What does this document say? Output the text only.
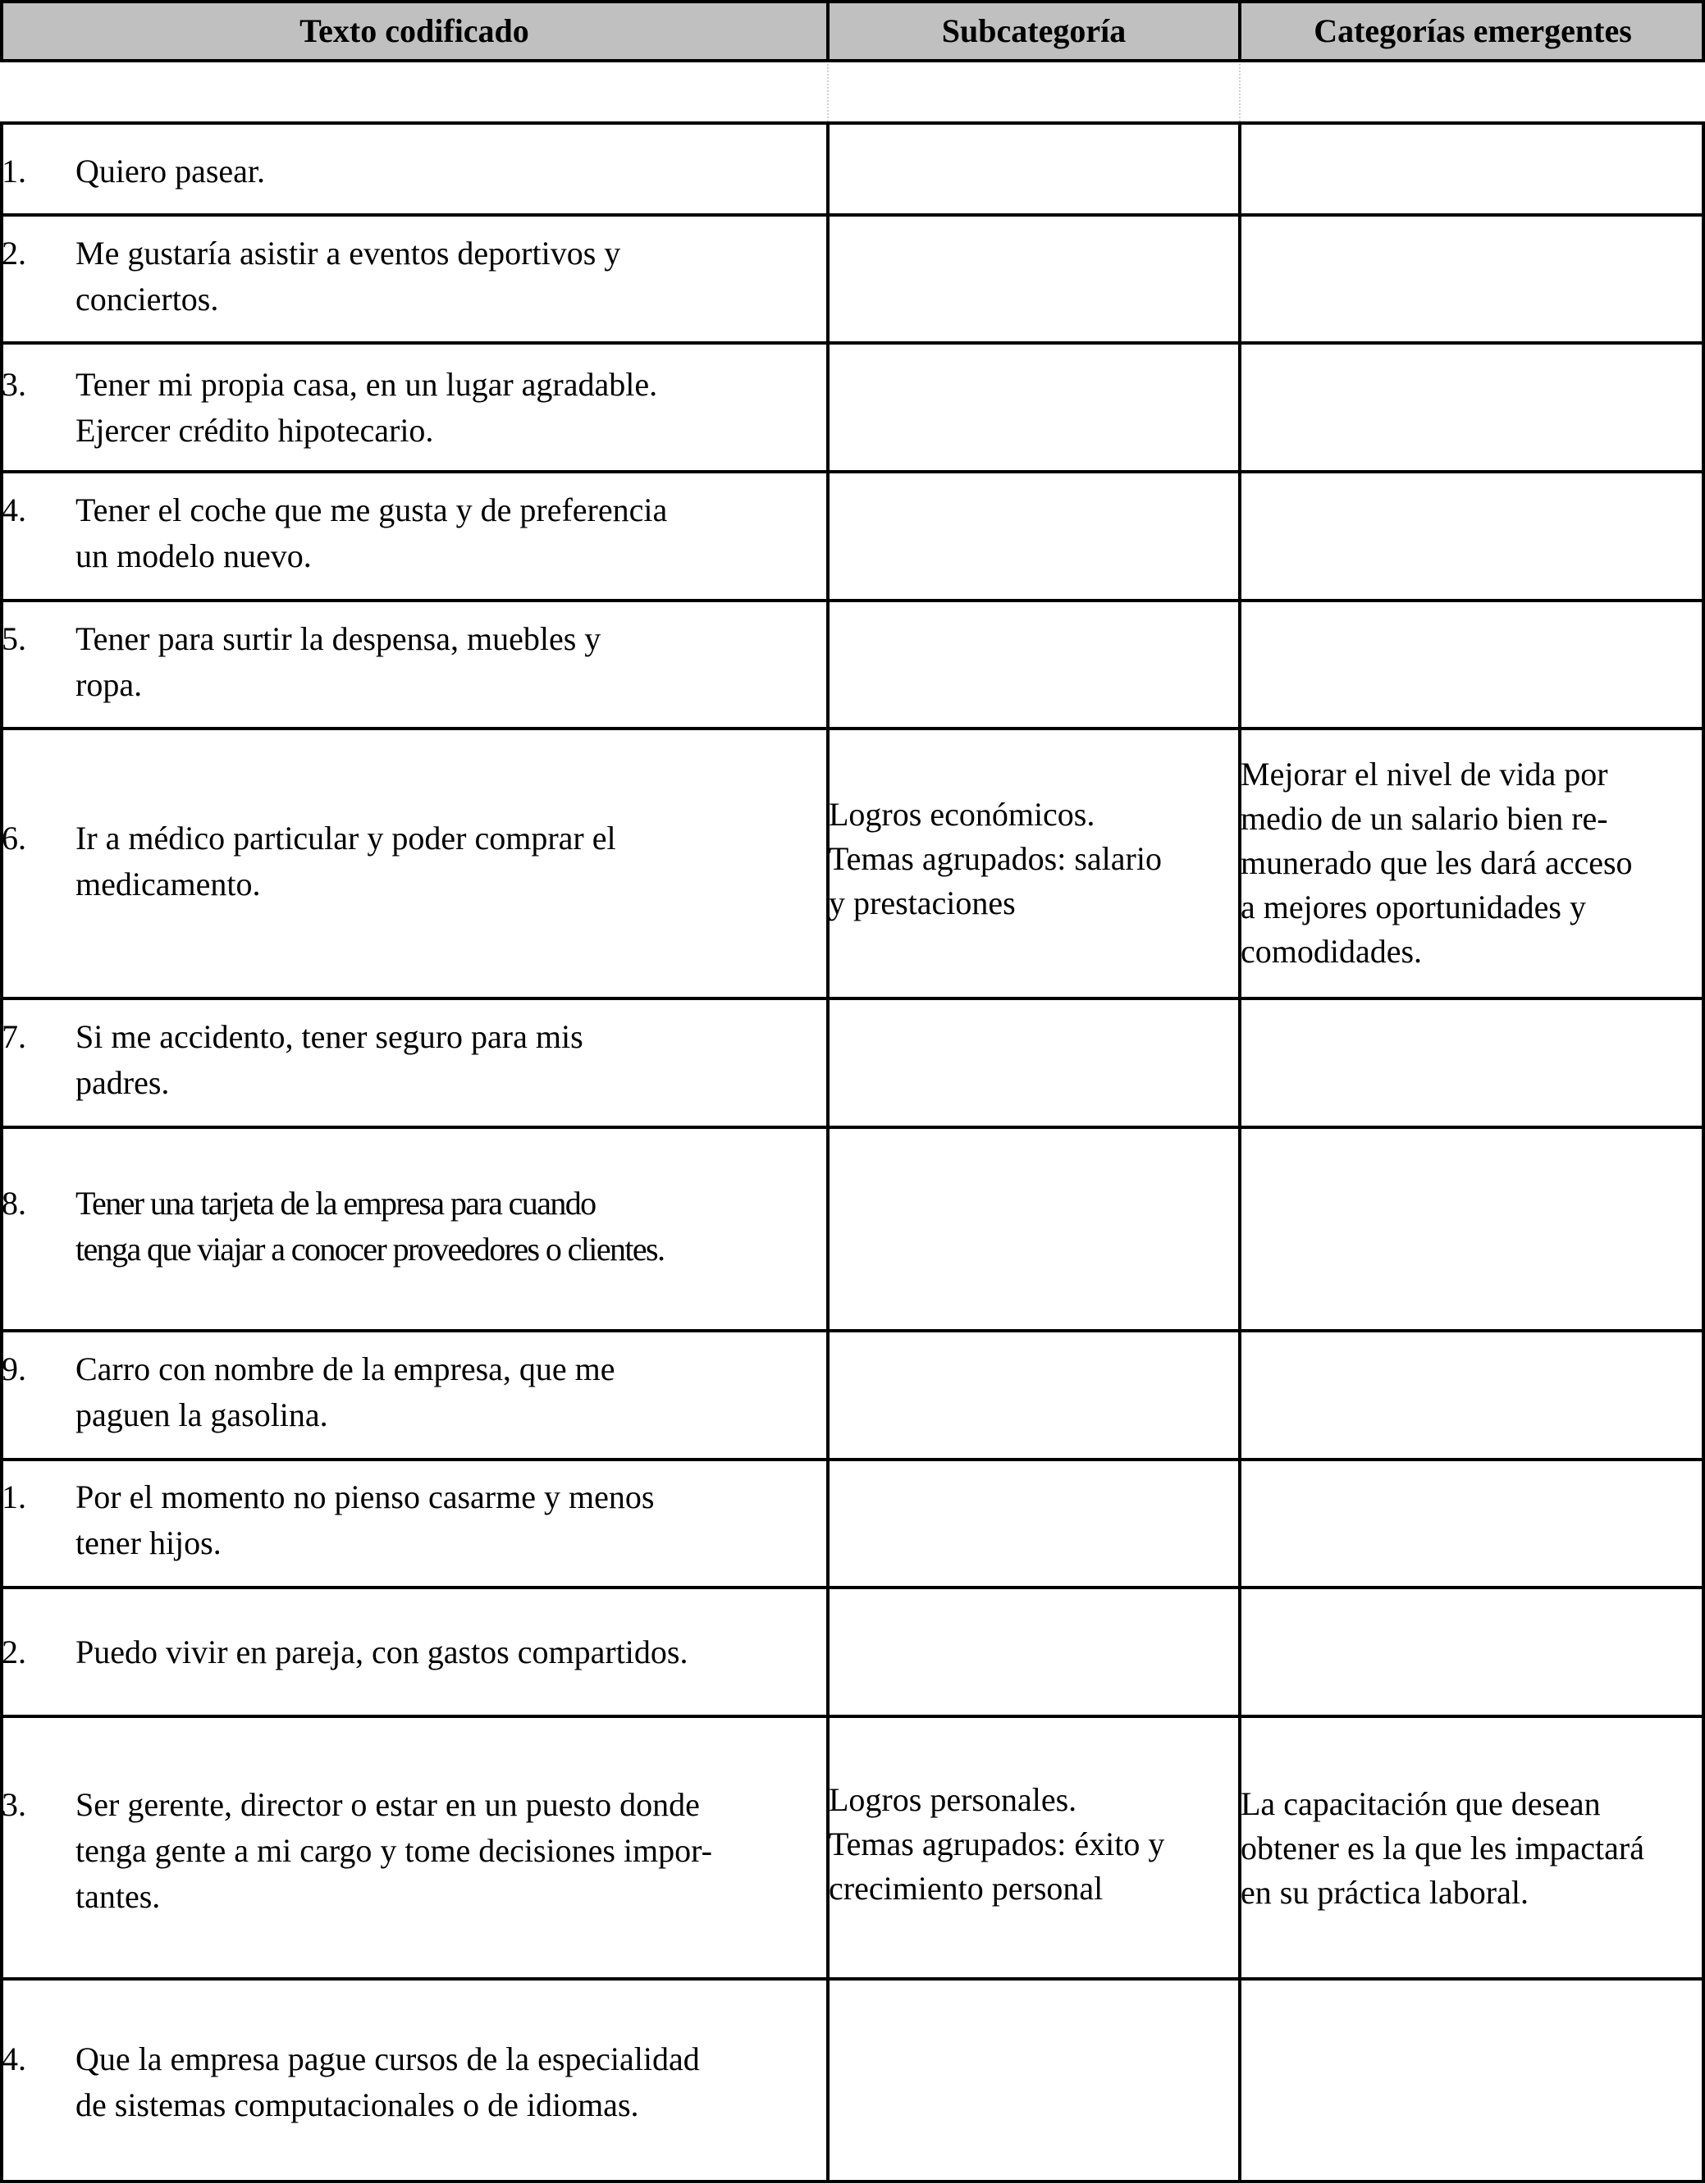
Texto codificado	Subcategoría	Categorías emergentes
1. Quiero pasear.
2. Me gustaría asistir a eventos deportivos y
conciertos.
3. Tener mi propia casa, en un lugar agradable.
Ejercer crédito hipotecario.
4. Tener el coche que me gusta y de preferencia
un modelo nuevo.
5. Tener para surtir la despensa, muebles y
ropa.
6. Ir a médico particular y poder comprar el
medicamento.
Logros económicos.
Temas agrupados: salario
y prestaciones
Mejorar el nivel de vida por
medio de un salario bien re-
munerado que les dará acceso
a mejores oportunidades y
comodidades.
7. Si me accidento, tener seguro para mis
padres.
8. Tener una tarjeta de la empresa para cuando
tenga que viajar a conocer proveedores o clientes.
9. Carro con nombre de la empresa, que me
paguen la gasolina.
1. Por el momento no pienso casarme y menos
tener hijos.
2. Puedo vivir en pareja, con gastos compartidos.
3. Ser gerente, director o estar en un puesto donde
tenga gente a mi cargo y tome decisiones impor-
tantes.
Logros personales.
Temas agrupados: éxito y
crecimiento personal
La capacitación que desean
obtener es la que les impactará
en su práctica laboral.
4. Que la empresa pague cursos de la especialidad
de sistemas computacionales o de idiomas.
